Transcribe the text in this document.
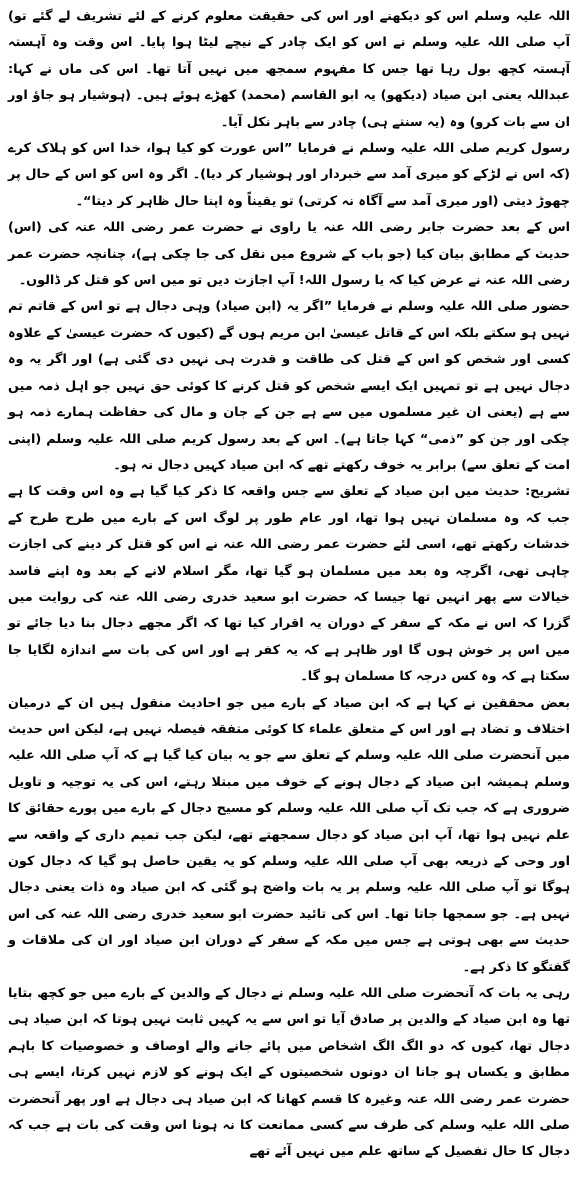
اللہ علیہ وسلم اس کو دیکھنے اور اس کی حقیقت معلوم کرنے کے لئے تشریف لے گئے تو) آپ صلی اللہ علیہ وسلم نے اس کو ایک چادر کے نیچے لیٹا ہوا پایا۔ اس وقت وہ آہستہ آہستہ کچھ بول رہا تھا جس کا مفہوم سمجھ میں نہیں آتا تھا۔ اس کی ماں نے کہا: عبداللہ یعنی ابن صیاد (دیکھو) یہ ابو القاسم (محمد) کھڑے ہوئے ہیں۔ (ہوشیار ہو جاؤ اور ان سے بات کرو) وہ (یہ سنتے ہی) چادر سے باہر نکل آیا۔

رسول کریم صلی اللہ علیہ وسلم نے فرمایا ”اس عورت کو کیا ہوا، خدا اس کو ہلاک کرے (کہ اس نے لڑکے کو میری آمد سے خبردار اور ہوشیار کر دیا)۔ اگر وہ اس کو اس کے حال پر چھوڑ دیتی (اور میری آمد سے آگاہ نہ کرتی) تو یقیناً وہ اپنا حال ظاہر کر دیتا“۔

اس کے بعد حضرت جابر رضی اللہ عنہ یا راوی نے حضرت عمر رضی اللہ عنہ کی (اس) حدیث کے مطابق بیان کیا (جو باب کے شروع میں نقل کی جا چکی ہے)، چنانچہ حضرت عمر رضی اللہ عنہ نے عرض کیا کہ یا رسول اللہ! آپ اجازت دیں تو میں اس کو قتل کر ڈالوں۔

حضور صلی اللہ علیہ وسلم نے فرمایا ”اگر یہ (ابن صیاد) وہی دجال ہے تو اس کے قاتم تم نہیں ہو سکتے بلکہ اس کے قاتل عیسیٰ ابن مریم ہوں گے (کیوں کہ حضرت عیسیٰ کے علاوہ کسی اور شخص کو اس کے قتل کی طاقت و قدرت ہی نہیں دی گئی ہے) اور اگر یہ وہ دجال نہیں ہے تو تمہیں ایک ایسے شخص کو قتل کرنے کا کوئی حق نہیں جو اہل ذمہ میں سے ہے (یعنی ان غیر مسلموں میں سے ہے جن کے جان و مال کی حفاظت ہمارے ذمہ ہو چکی اور جن کو ”ذمی“ کہا جاتا ہے)۔ اس کے بعد رسول کریم صلی اللہ علیہ وسلم (اپنی امت کے تعلق سے) برابر یہ خوف رکھتے تھے کہ ابن صیاد کہیں دجال نہ ہو۔

تشریح: حدیث میں ابن صیاد کے تعلق سے جس واقعہ کا ذکر کیا گیا ہے وہ اس وقت کا ہے جب کہ وہ مسلمان نہیں ہوا تھا، اور عام طور پر لوگ اس کے بارے میں طرح طرح کے خدشات رکھتے تھے، اسی لئے حضرت عمر رضی اللہ عنہ نے اس کو قتل کر دینے کی اجازت چاہی تھی، اگرچہ وہ بعد میں مسلمان ہو گیا تھا، مگر اسلام لانے کے بعد وہ اپنے فاسد خیالات سے پھر انہیں تھا جیسا کہ حضرت ابو سعید خدری رضی اللہ عنہ کی روایت میں گزرا کہ اس نے مکہ کے سفر کے دوران یہ اقرار کیا تھا کہ اگر مجھے دجال بنا دیا جائے تو میں اس پر خوش ہوں گا اور ظاہر ہے کہ یہ کفر ہے اور اس کی بات سے اندازہ لگایا جا سکتا ہے کہ وہ کس درجہ کا مسلمان ہو گا۔

بعض محققین نے کہا ہے کہ ابن صیاد کے بارے میں جو احادیث منقول ہیں ان کے درمیان اختلاف و تضاد ہے اور اس کے متعلق علماء کا کوئی متفقہ فیصلہ نہیں ہے، لیکن اس حدیث میں آنحضرت صلی اللہ علیہ وسلم کے تعلق سے جو یہ بیان کیا گیا ہے کہ آپ صلی اللہ علیہ وسلم ہمیشہ ابن صیاد کے دجال ہونے کے خوف میں مبتلا رہتے، اس کی یہ توجیہ و تاویل ضروری ہے کہ جب تک آپ صلی اللہ علیہ وسلم کو مسیح دجال کے بارے میں پورے حقائق کا علم نہیں ہوا تھا، آپ ابن صیاد کو دجال سمجھتے تھے، لیکن جب تمیم داری کے واقعہ سے اور وحی کے ذریعہ بھی آپ صلی اللہ علیہ وسلم کو یہ یقین حاصل ہو گیا کہ دجال کون ہوگا تو آپ صلی اللہ علیہ وسلم پر یہ بات واضح ہو گئی کہ ابن صیاد وہ ذات یعنی دجال نہیں ہے۔ جو سمجھا جاتا تھا۔ اس کی تائید حضرت ابو سعید خدری رضی اللہ عنہ کی اس حدیث سے بھی ہوتی ہے جس میں مکہ کے سفر کے دوران ابن صیاد اور ان کی ملاقات و گفتگو کا ذکر ہے۔

رہی یہ بات کہ آنحضرت صلی اللہ علیہ وسلم نے دجال کے والدین کے بارے میں جو کچھ بتایا تھا وہ ابن صیاد کے والدین پر صادق آیا تو اس سے یہ کہیں ثابت نہیں ہوتا کہ ابن صیاد ہی دجال تھا، کیوں کہ دو الگ الگ اشخاص میں پائے جانے والے اوصاف و خصوصیات کا باہم مطابق و یکساں ہو جانا ان دونوں شخصیتوں کے ایک ہونے کو لازم نہیں کرتا، ایسے ہی حضرت عمر رضی اللہ عنہ وغیرہ کا قسم کھانا کہ ابن صیاد ہی دجال ہے اور پھر آنحضرت صلی اللہ علیہ وسلم کی طرف سے کسی ممانعت کا نہ ہونا اس وقت کی بات ہے جب کہ دجال کا حال تفصیل کے ساتھ علم میں نہیں آئے تھے
